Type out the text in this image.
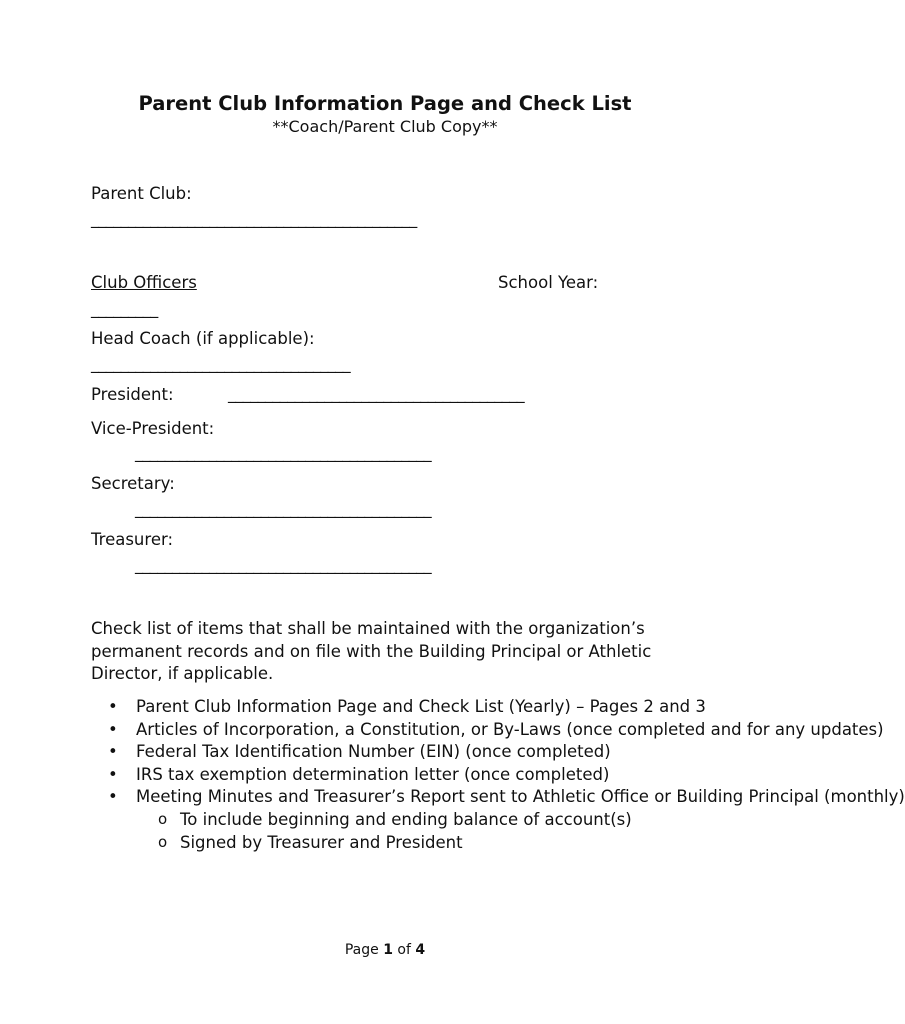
Parent Club Information Page and Check List
**Coach/Parent Club Copy**
Parent Club:
____________________________________________
Club Officers	School Year:
_________
Head Coach (if applicable):
___________________________________
President:	________________________________________
Vice-President:
________________________________________
Secretary:
________________________________________
Treasurer:
________________________________________
Check list of items that shall be maintained with the organization’s permanent records and on file with the Building Principal or Athletic Director, if applicable.
• Parent Club Information Page and Check List (Yearly) – Pages 2 and 3
• Articles of Incorporation, a Constitution, or By-Laws (once completed and for any updates)
• Federal Tax Identification Number (EIN) (once completed)
• IRS tax exemption determination letter (once completed)
• Meeting Minutes and Treasurer’s Report sent to Athletic Office or Building Principal (monthly)
o To include beginning and ending balance of account(s)
o Signed by Treasurer and President
Page 1 of 4
